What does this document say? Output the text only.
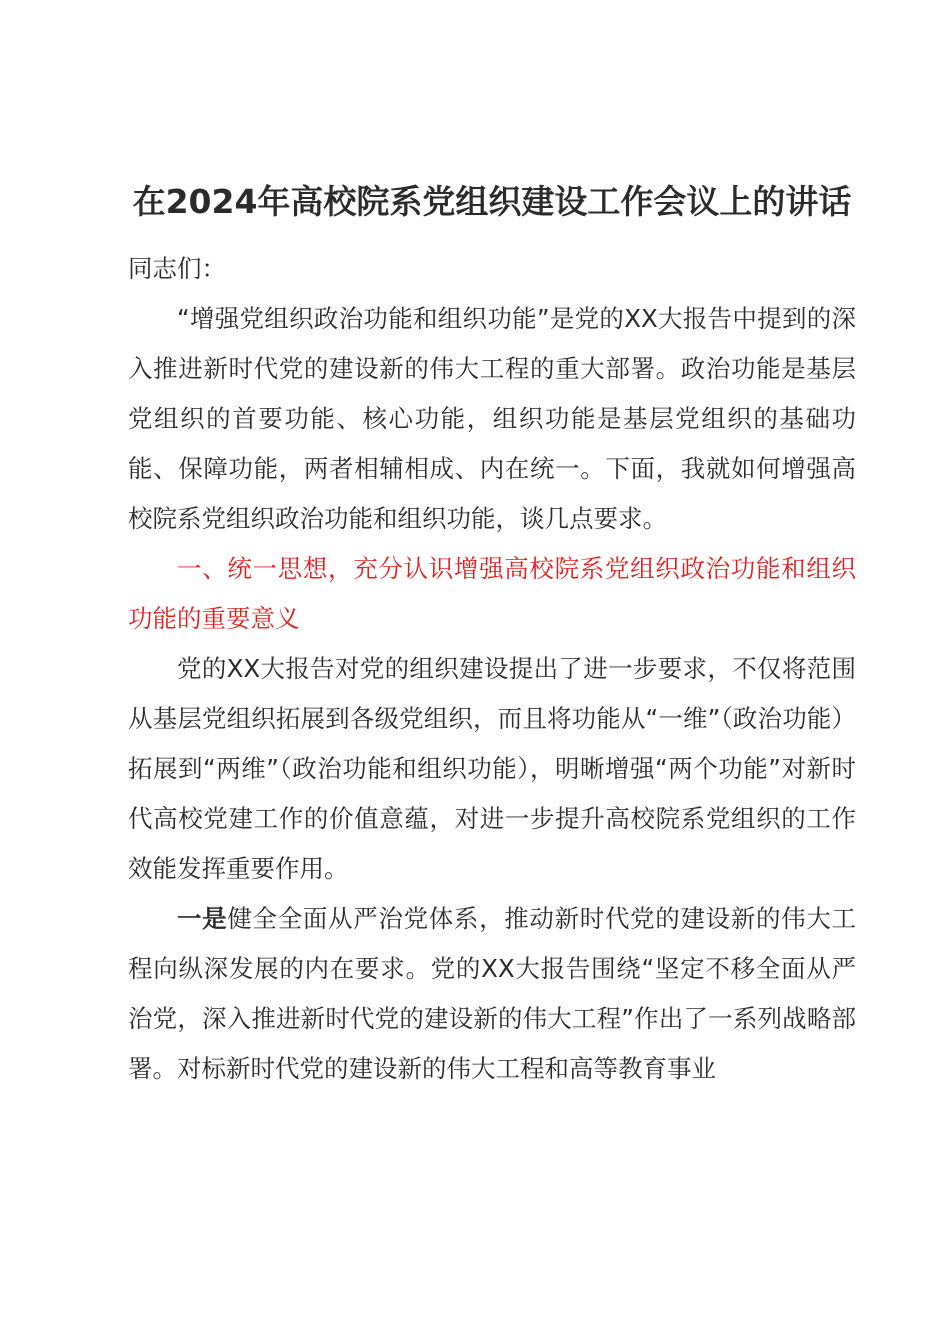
在2024年高校院系党组织建设工作会议上的讲话

同志们：

“增强党组织政治功能和组织功能”是党的XX大报告中提到的深入推进新时代党的建设新的伟大工程的重大部署。政治功能是基层党组织的首要功能、核心功能，组织功能是基层党组织的基础功能、保障功能，两者相辅相成、内在统一。下面，我就如何增强高校院系党组织政治功能和组织功能，谈几点要求。

一、统一思想，充分认识增强高校院系党组织政治功能和组织功能的重要意义

党的XX大报告对党的组织建设提出了进一步要求，不仅将范围从基层党组织拓展到各级党组织，而且将功能从“一维”（政治功能）拓展到“两维”（政治功能和组织功能），明晰增强“两个功能”对新时代高校党建工作的价值意蕴，对进一步提升高校院系党组织的工作效能发挥重要作用。

一是健全全面从严治党体系，推动新时代党的建设新的伟大工程向纵深发展的内在要求。党的XX大报告围绕“坚定不移全面从严治党，深入推进新时代党的建设新的伟大工程”作出了一系列战略部署。对标新时代党的建设新的伟大工程和高等教育事业
